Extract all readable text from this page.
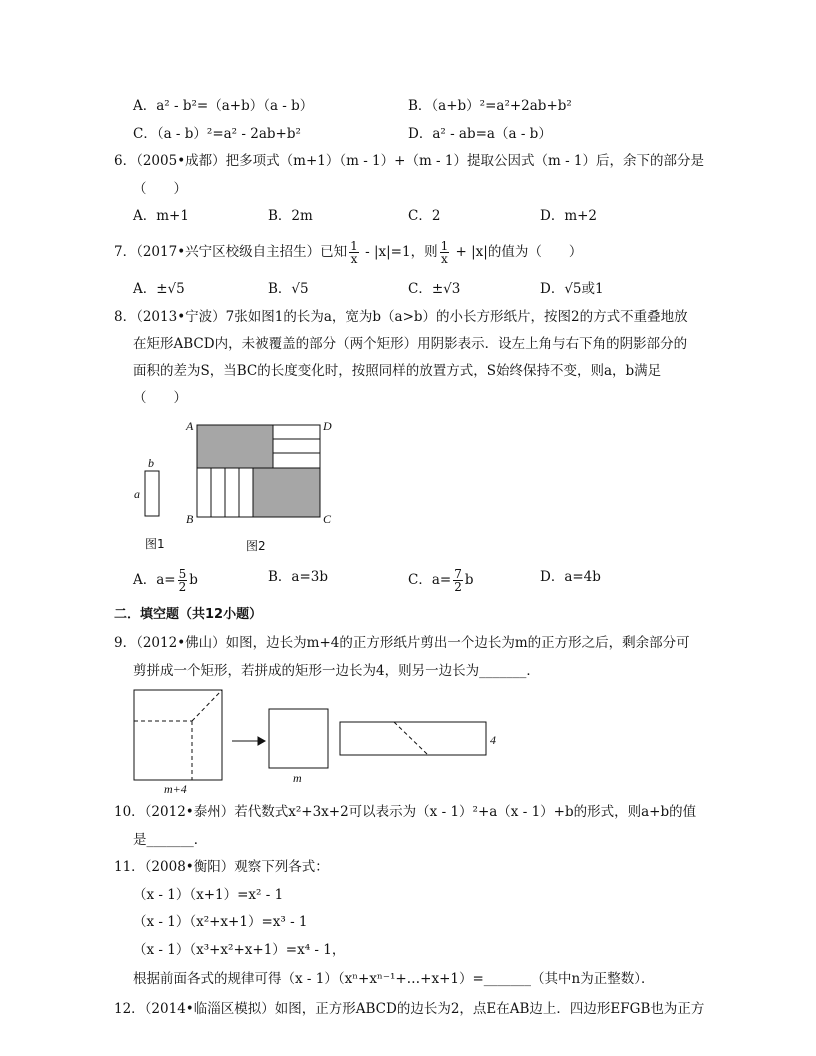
A．a² - b²=（a+b）（a - b）	B．（a+b）²=a²+2ab+b²
C．（a - b）²=a² - 2ab+b²	D．a² - ab=a（a - b）
6．（2005•成都）把多项式（m+1）（m - 1）+（m - 1）提取公因式（m - 1）后，余下的部分是
（　　）
A．m+1	B．2m	C．2	D．m+2
7．（2017•兴宁区校级自主招生）已知 $\frac{1}{x} - |x|=1$，则 $\frac{1}{x} + |x|$的值为（　　）
A．±√5	B．√5	C．±√3	D．√5或1
8．（2013•宁波）7张如图1的长为a，宽为b（a>b）的小长方形纸片，按图2的方式不重叠地放
在矩形ABCD内，未被覆盖的部分（两个矩形）用阴影表示．设左上角与右下角的阴影部分的
面积的差为S，当BC的长度变化时，按照同样的放置方式，S始终保持不变，则a，b满足
（　　）
b
a
A	D
B	C
图1	图2
A．$a= \frac{5}{2}$ b	B．a=3b	C．$a= \frac{7}{2}$ b	D．a=4b
二．填空题（共12小题）
9．（2012•佛山）如图，边长为m+4的正方形纸片剪出一个边长为m的正方形之后，剩余部分可
剪拼成一个矩形，若拼成的矩形一边长为4，则另一边长为_______．
m+4
m
4
10．（2012•泰州）若代数式x²+3x+2可以表示为（x - 1）²+a（x - 1）+b的形式，则a+b的值
是_______．
11．（2008•衡阳）观察下列各式：
（x - 1）（x+1）=x² - 1
（x - 1）（x²+x+1）=x³ - 1
（x - 1）（x³+x²+x+1）=x⁴ - 1，
根据前面各式的规律可得（x - 1）（xⁿ+xⁿ⁻¹+…+x+1）=_______（其中n为正整数）．
12．（2014•临淄区模拟）如图，正方形ABCD的边长为2，点E在AB边上．四边形EFGB也为正方
